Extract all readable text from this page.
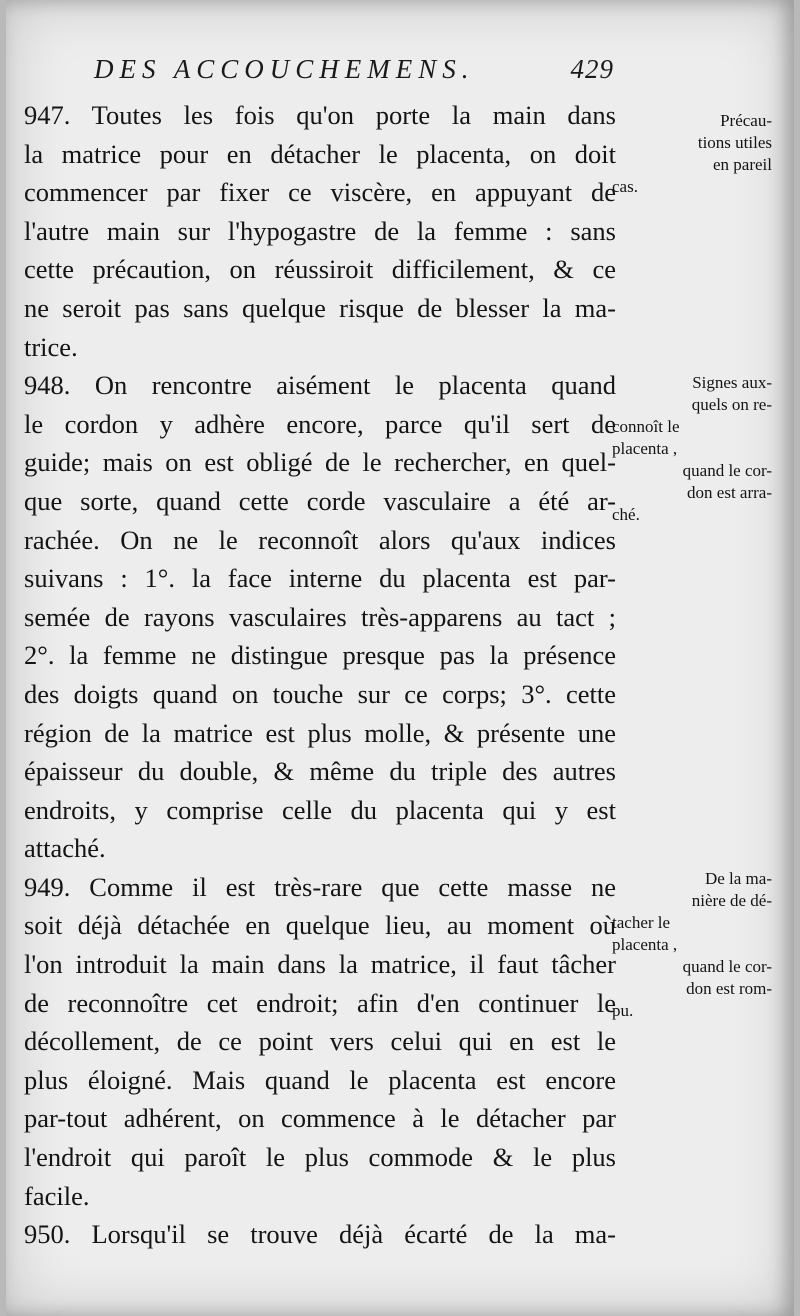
DES ACCOUCHEMENS.	429
947. Toutes les fois qu'on porte la main dans
la matrice pour en détacher le placenta, on doit
commencer par fixer ce viscère, en appuyant de
l'autre main sur l'hypogastre de la femme : sans
cette précaution, on réussiroit difficilement, & ce
ne seroit pas sans quelque risque de blesser la ma-
trice.
948. On rencontre aisément le placenta quand
le cordon y adhère encore, parce qu'il sert de
guide; mais on est obligé de le rechercher, en quel-
que sorte, quand cette corde vasculaire a été ar-
rachée. On ne le reconnoît alors qu'aux indices
suivans : 1°. la face interne du placenta est par-
semée de rayons vasculaires très-apparens au tact ;
2°. la femme ne distingue presque pas la présence
des doigts quand on touche sur ce corps; 3°. cette
région de la matrice est plus molle, & présente une
épaisseur du double, & même du triple des autres
endroits, y comprise celle du placenta qui y est
attaché.
949. Comme il est très-rare que cette masse ne
soit déjà détachée en quelque lieu, au moment où
l'on introduit la main dans la matrice, il faut tâcher
de reconnoître cet endroit; afin d'en continuer le
décollement, de ce point vers celui qui en est le
plus éloigné. Mais quand le placenta est encore
par-tout adhérent, on commence à le détacher par
l'endroit qui paroît le plus commode & le plus
facile.
950. Lorsqu'il se trouve déjà écarté de la ma-
Précau-
tions utiles
en pareil
cas.
Signes aux-
quels on re-
connoît le
placenta ,
quand le cor-
don est arra-
ché.
De la ma-
nière de dé-
tacher le
placenta ,
quand le cor-
don est rom-
pu.
